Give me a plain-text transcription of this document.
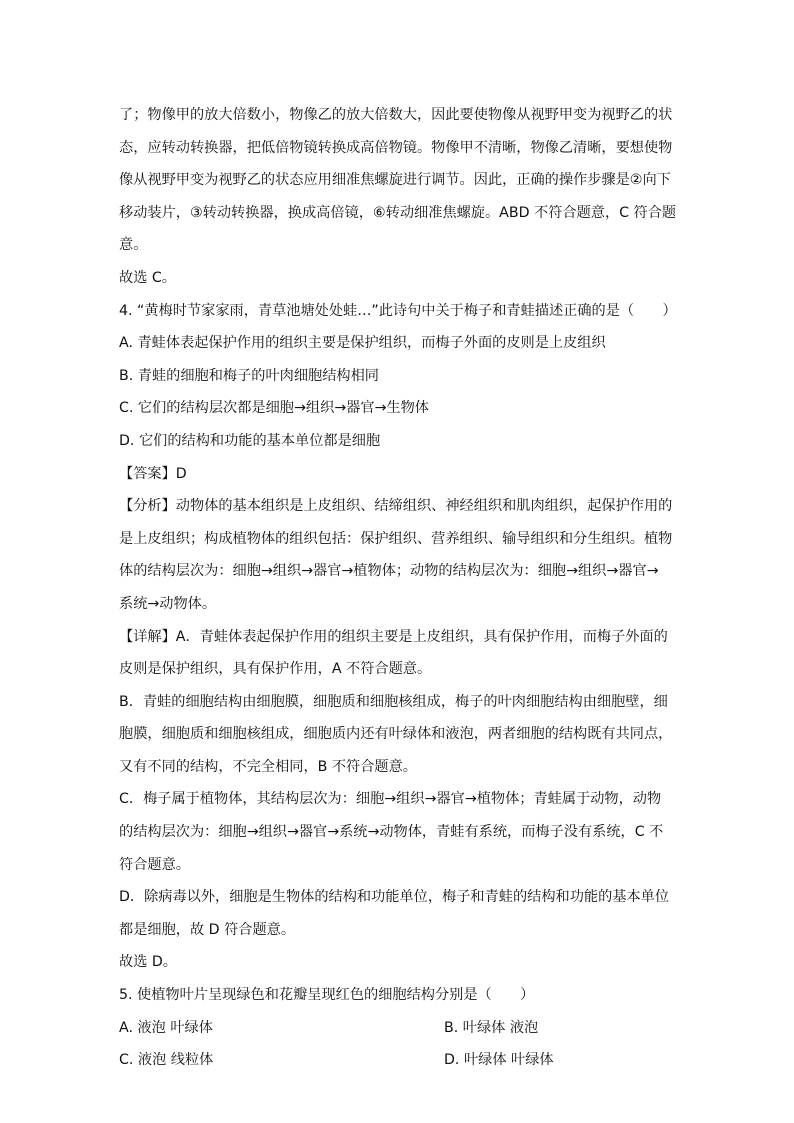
了；物像甲的放大倍数小，物像乙的放大倍数大，因此要使物像从视野甲变为视野乙的状
态，应转动转换器，把低倍物镜转换成高倍物镜。物像甲不清晰，物像乙清晰，要想使物
像从视野甲变为视野乙的状态应用细准焦螺旋进行调节。因此，正确的操作步骤是②向下
移动装片，③转动转换器，换成高倍镜，⑥转动细准焦螺旋。ABD 不符合题意，C 符合题
意。
故选 C。
4. “黄梅时节家家雨，青草池塘处处蛙…”此诗句中关于梅子和青蛙描述正确的是（　　）
A. 青蛙体表起保护作用的组织主要是保护组织，而梅子外面的皮则是上皮组织
B. 青蛙的细胞和梅子的叶肉细胞结构相同
C. 它们的结构层次都是细胞→组织→器官→生物体
D. 它们的结构和功能的基本单位都是细胞
【答案】D
【分析】动物体的基本组织是上皮组织、结缔组织、神经组织和肌肉组织，起保护作用的
是上皮组织；构成植物体的组织包括：保护组织、营养组织、输导组织和分生组织。植物
体的结构层次为：细胞→组织→器官→植物体；动物的结构层次为：细胞→组织→器官→
系统→动物体。
【详解】A．青蛙体表起保护作用的组织主要是上皮组织，具有保护作用，而梅子外面的
皮则是保护组织，具有保护作用，A 不符合题意。
B．青蛙的细胞结构由细胞膜，细胞质和细胞核组成，梅子的叶肉细胞结构由细胞壁，细
胞膜，细胞质和细胞核组成，细胞质内还有叶绿体和液泡，两者细胞的结构既有共同点，
又有不同的结构，不完全相同，B 不符合题意。
C．梅子属于植物体，其结构层次为：细胞→组织→器官→植物体；青蛙属于动物，动物
的结构层次为：细胞→组织→器官→系统→动物体，青蛙有系统，而梅子没有系统，C 不
符合题意。
D．除病毒以外，细胞是生物体的结构和功能单位，梅子和青蛙的结构和功能的基本单位
都是细胞，故 D 符合题意。
故选 D。
5. 使植物叶片呈现绿色和花瓣呈现红色的细胞结构分别是（　　）
A. 液泡 叶绿体	B. 叶绿体 液泡
C. 液泡 线粒体	D. 叶绿体 叶绿体
